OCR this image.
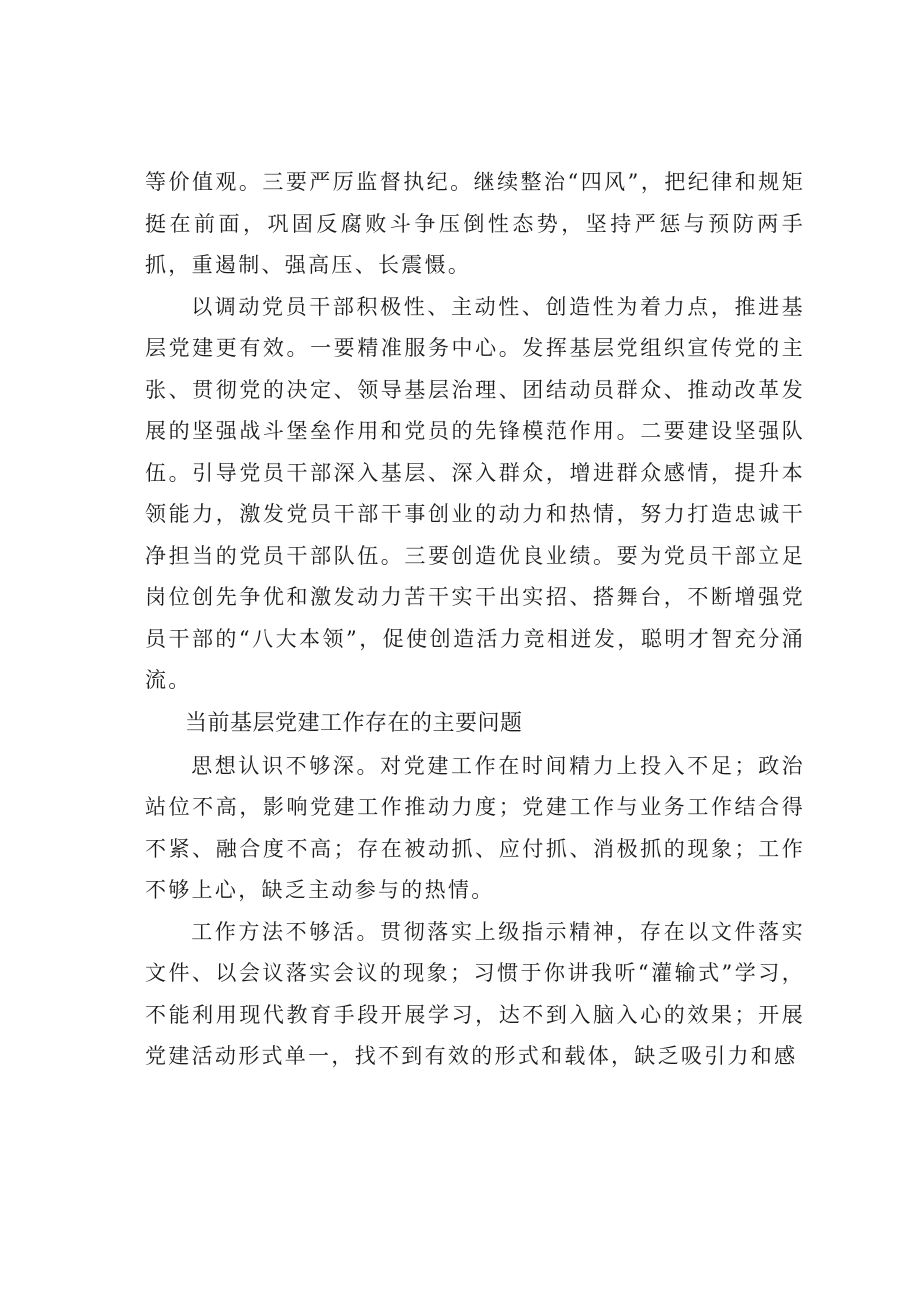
等价值观。三要严厉监督执纪。继续整治“四风”，把纪律和规矩挺在前面，巩固反腐败斗争压倒性态势，坚持严惩与预防两手抓，重遏制、强高压、长震慑。

以调动党员干部积极性、主动性、创造性为着力点，推进基层党建更有效。一要精准服务中心。发挥基层党组织宣传党的主张、贯彻党的决定、领导基层治理、团结动员群众、推动改革发展的坚强战斗堡垒作用和党员的先锋模范作用。二要建设坚强队伍。引导党员干部深入基层、深入群众，增进群众感情，提升本领能力，激发党员干部干事创业的动力和热情，努力打造忠诚干净担当的党员干部队伍。三要创造优良业绩。要为党员干部立足岗位创先争优和激发动力苦干实干出实招、搭舞台，不断增强党员干部的“八大本领”，促使创造活力竞相迸发，聪明才智充分涌流。

当前基层党建工作存在的主要问题

思想认识不够深。对党建工作在时间精力上投入不足；政治站位不高，影响党建工作推动力度；党建工作与业务工作结合得不紧、融合度不高；存在被动抓、应付抓、消极抓的现象；工作不够上心，缺乏主动参与的热情。

工作方法不够活。贯彻落实上级指示精神，存在以文件落实文件、以会议落实会议的现象；习惯于你讲我听“灌输式”学习，不能利用现代教育手段开展学习，达不到入脑入心的效果；开展党建活动形式单一，找不到有效的形式和载体，缺乏吸引力和感
